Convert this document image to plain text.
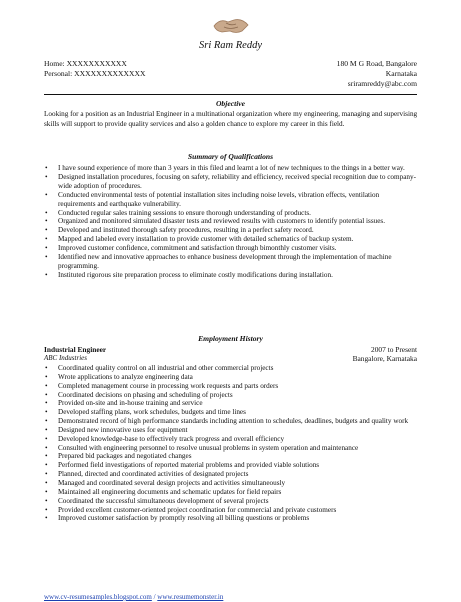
Sri Ram Reddy
Home: XXXXXXXXXXX
Personal: XXXXXXXXXXXXX
180 M G Road, Bangalore
Karnataka
sriramreddy@abc.com
Objective

Looking for a position as an Industrial Engineer in a multinational organization where my engineering, managing and supervising skills will support to provide quality services and also a golden chance to explore my career in this field.

Summary of Qualifications
• I have sound experience of more than 3 years in this filed and learnt a lot of new techniques to the things in a better way.
• Designed installation procedures, focusing on safety, reliability and efficiency, received special recognition due to company-wide adoption of procedures.
• Conducted environmental tests of potential installation sites including noise levels, vibration effects, ventilation requirements and earthquake vulnerability.
• Conducted regular sales training sessions to ensure thorough understanding of products.
• Organized and monitored simulated disaster tests and reviewed results with customers to identify potential issues.
• Developed and instituted thorough safety procedures, resulting in a perfect safety record.
• Mapped and labeled every installation to provide customer with detailed schematics of backup system.
• Improved customer confidence, commitment and satisfaction through bimonthly customer visits.
• Identified new and innovative approaches to enhance business development through the implementation of machine programming.
• Instituted rigorous site preparation process to eliminate costly modifications during installation.
Employment History
Industrial Engineer	2007 to Present
ABC Industries	Bangalore, Karnataka
• Coordinated quality control on all industrial and other commercial projects
• Wrote applications to analyze engineering data
• Completed management course in processing work requests and parts orders
• Coordinated decisions on phasing and scheduling of projects
• Provided on-site and in-house training and service
• Developed staffing plans, work schedules, budgets and time lines
• Demonstrated record of high performance standards including attention to schedules, deadlines, budgets and quality work
• Designed new innovative uses for equipment
• Developed knowledge-base to effectively track progress and overall efficiency
• Consulted with engineering personnel to resolve unusual problems in system operation and maintenance
• Prepared bid packages and negotiated changes
• Performed field investigations of reported material problems and provided viable solutions
• Planned, directed and coordinated activities of designated projects
• Managed and coordinated several design projects and activities simultaneously
• Maintained all engineering documents and schematic updates for field repairs
• Coordinated the successful simultaneous development of several projects
• Provided excellent customer-oriented project coordination for commercial and private customers
• Improved customer satisfaction by promptly resolving all billing questions or problems
www.cv-resumesamples.blogspot.com / www.resumemonster.in
